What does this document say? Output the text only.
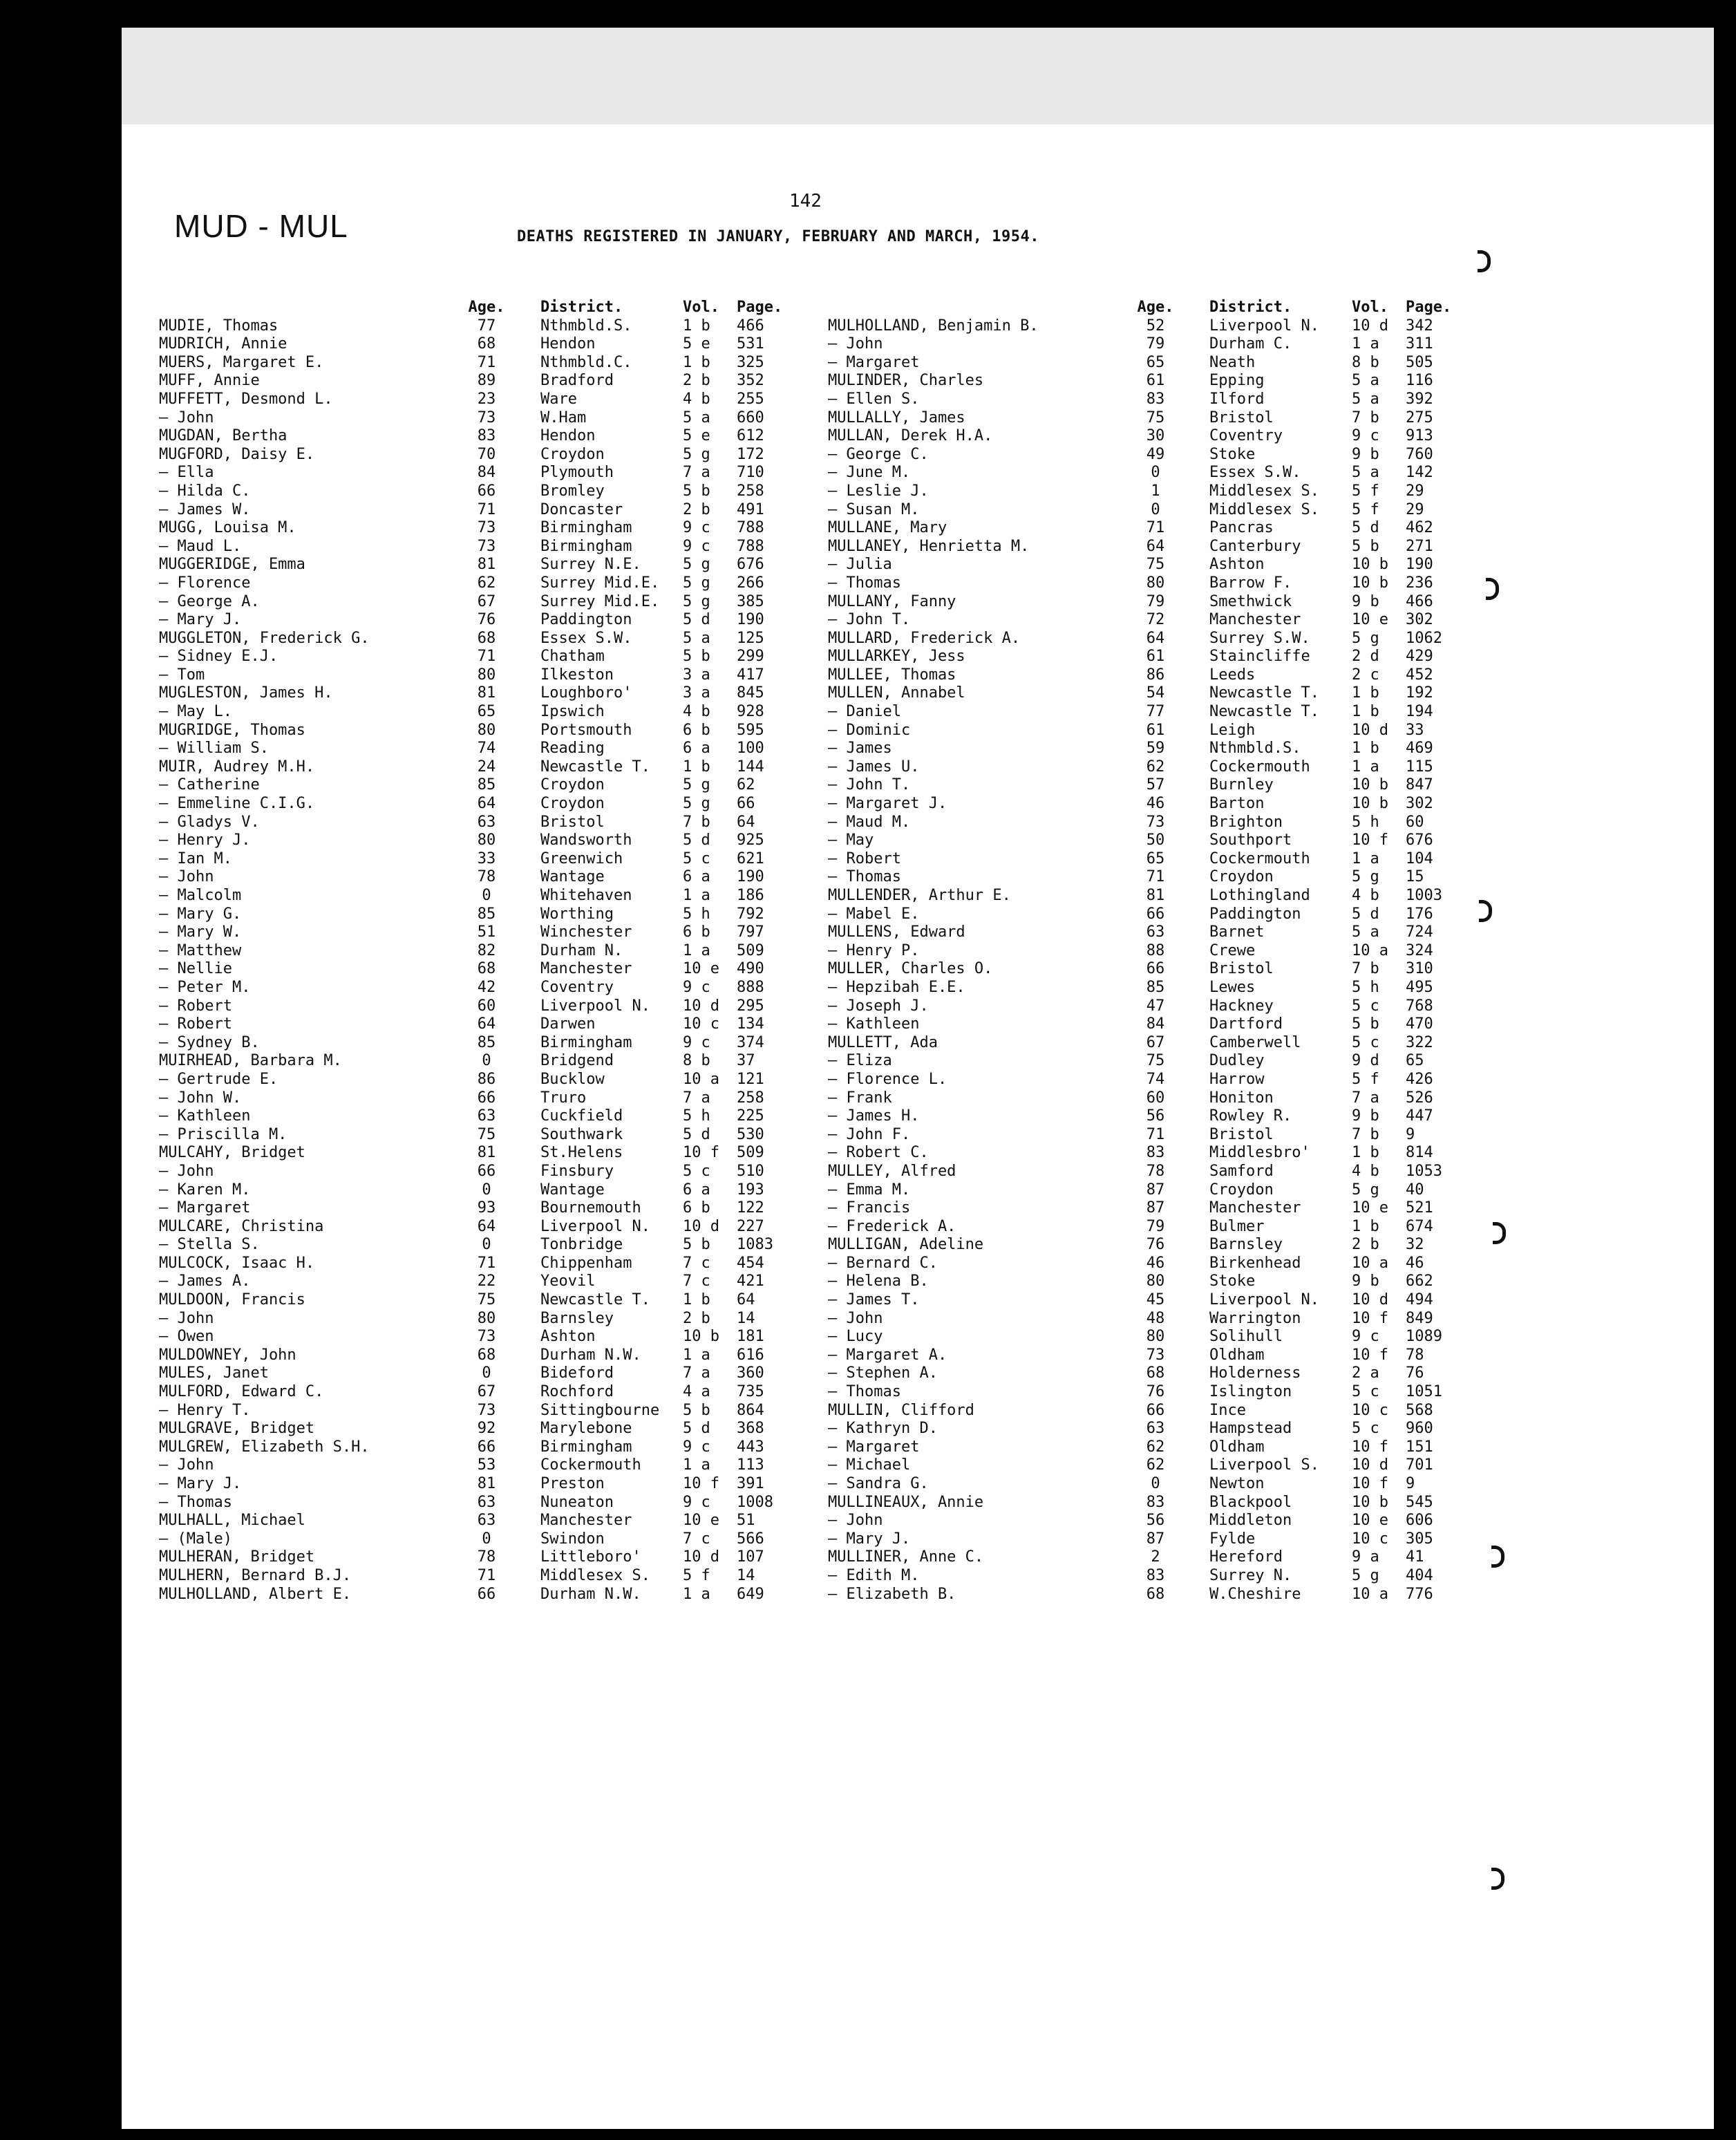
142
MUD - MUL	DEATHS REGISTERED IN JANUARY, FEBRUARY AND MARCH, 1954.
Age.	District.	Vol. Page.
MUDIE, Thomas	77	Nthmbld.S.	1 b 466
MUDRICH, Annie	68	Hendon	5 e 531
MUERS, Margaret E.	71	Nthmbld.C.	1 b 325
MUFF, Annie	89	Bradford	2 b 352
MUFFETT, Desmond L.	23	Ware	4 b 255
— John	73	W.Ham	5 a 660
MUGDAN, Bertha	83	Hendon	5 e 612
MUGFORD, Daisy E.	70	Croydon	5 g 172
— Ella	84	Plymouth	7 a 710
— Hilda C.	66	Bromley	5 b 258
— James W.	71	Doncaster	2 b 491
MUGG, Louisa M.	73	Birmingham	9 c 788
— Maud L.	73	Birmingham	9 c 788
MUGGERIDGE, Emma	81	Surrey N.E.	5 g 676
— Florence	62	Surrey Mid.E. 5 g 266
— George A.	67	Surrey Mid.E. 5 g 385
— Mary J.	76	Paddington	5 d 190
MUGGLETON, Frederick G.	68	Essex S.W.	5 a 125
— Sidney E.J.	71	Chatham	5 b 299
— Tom	80	Ilkeston	3 a 417
MUGLESTON, James H.	81	Loughboro'	3 a 845
— May L.	65	Ipswich	4 b 928
MUGRIDGE, Thomas	80	Portsmouth	6 b 595
— William S.	74	Reading	6 a 100
MUIR, Audrey M.H.	24	Newcastle T. 1 b 144
— Catherine	85	Croydon	5 g 62
— Emmeline C.I.G.	64	Croydon	5 g 66
— Gladys V.	63	Bristol	7 b 64
— Henry J.	80	Wandsworth	5 d 925
— Ian M.	33	Greenwich	5 c 621
— John	78	Wantage	6 a 190
— Malcolm	0	Whitehaven	1 a 186
— Mary G.	85	Worthing	5 h 792
— Mary W.	51	Winchester	6 b 797
— Matthew	82	Durham N.	1 a 509
— Nellie	68	Manchester	10 e 490
— Peter M.	42	Coventry	9 c 888
— Robert	60	Liverpool N. 10 d 295
— Robert	64	Darwen	10 c 134
— Sydney B.	85	Birmingham	9 c 374
MUIRHEAD, Barbara M.	0	Bridgend	8 b 37
— Gertrude E.	86	Bucklow	10 a 121
— John W.	66	Truro	7 a 258
— Kathleen	63	Cuckfield	5 h 225
— Priscilla M.	75	Southwark	5 d 530
MULCAHY, Bridget	81	St.Helens	10 f 509
— John	66	Finsbury	5 c 510
— Karen M.	0	Wantage	6 a 193
— Margaret	93	Bournemouth	6 b 122
MULCARE, Christina	64	Liverpool N. 10 d 227
— Stella S.	0	Tonbridge	5 b 1083
MULCOCK, Isaac H.	71	Chippenham	7 c 454
— James A.	22	Yeovil	7 c 421
MULDOON, Francis	75	Newcastle T. 1 b 64
— John	80	Barnsley	2 b 14
— Owen	73	Ashton	10 b 181
MULDOWNEY, John	68	Durham N.W.	1 a 616
MULES, Janet	0	Bideford	7 a 360
MULFORD, Edward C.	67	Rochford	4 a 735
— Henry T.	73	Sittingbourne 5 b 864
MULGRAVE, Bridget	92	Marylebone	5 d 368
MULGREW, Elizabeth S.H.	66	Birmingham	9 c 443
— John	53	Cockermouth	1 a 113
— Mary J.	81	Preston	10 f 391
— Thomas	63	Nuneaton	9 c 1008
MULHALL, Michael	63	Manchester	10 e 51
— (Male)	0	Swindon	7 c 566
MULHERAN, Bridget	78	Littleboro'	10 d 107
MULHERN, Bernard B.J.	71	Middlesex S. 5 f 14
MULHOLLAND, Albert E.	66	Durham N.W.	1 a 649
Age.	District.	Vol. Page.
MULHOLLAND, Benjamin B.	52	Liverpool N. 10 d 342
— John	79	Durham C.	1 a 311
— Margaret	65	Neath	8 b 505
MULINDER, Charles	61	Epping	5 a 116
— Ellen S.	83	Ilford	5 a 392
MULLALLY, James	75	Bristol	7 b 275
MULLAN, Derek H.A.	30	Coventry	9 c 913
— George C.	49	Stoke	9 b 760
— June M.	0	Essex S.W.	5 a 142
— Leslie J.	1	Middlesex S. 5 f 29
— Susan M.	0	Middlesex S. 5 f 29
MULLANE, Mary	71	Pancras	5 d 462
MULLANEY, Henrietta M.	64	Canterbury	5 b 271
— Julia	75	Ashton	10 b 190
— Thomas	80	Barrow F.	10 b 236
MULLANY, Fanny	79	Smethwick	9 b 466
— John T.	72	Manchester	10 e 302
MULLARD, Frederick A.	64	Surrey S.W.	5 g 1062
MULLARKEY, Jess	61	Staincliffe	2 d 429
MULLEE, Thomas	86	Leeds	2 c 452
MULLEN, Annabel	54	Newcastle T. 1 b 192
— Daniel	77	Newcastle T. 1 b 194
— Dominic	61	Leigh	10 d 33
— James	59	Nthmbld.S.	1 b 469
— James U.	62	Cockermouth	1 a 115
— John T.	57	Burnley	10 b 847
— Margaret J.	46	Barton	10 b 302
— Maud M.	73	Brighton	5 h 60
— May	50	Southport	10 f 676
— Robert	65	Cockermouth	1 a 104
— Thomas	71	Croydon	5 g 15
MULLENDER, Arthur E.	81	Lothingland	4 b 1003
— Mabel E.	66	Paddington	5 d 176
MULLENS, Edward	63	Barnet	5 a 724
— Henry P.	88	Crewe	10 a 324
MULLER, Charles O.	66	Bristol	7 b 310
— Hepzibah E.E.	85	Lewes	5 h 495
— Joseph J.	47	Hackney	5 c 768
— Kathleen	84	Dartford	5 b 470
MULLETT, Ada	67	Camberwell	5 c 322
— Eliza	75	Dudley	9 d 65
— Florence L.	74	Harrow	5 f 426
— Frank	60	Honiton	7 a 526
— James H.	56	Rowley R.	9 b 447
— John F.	71	Bristol	7 b 9
— Robert C.	83	Middlesbro'	1 b 814
MULLEY, Alfred	78	Samford	4 b 1053
— Emma M.	87	Croydon	5 g 40
— Francis	87	Manchester	10 e 521
— Frederick A.	79	Bulmer	1 b 674
MULLIGAN, Adeline	76	Barnsley	2 b 32
— Bernard C.	46	Birkenhead	10 a 46
— Helena B.	80	Stoke	9 b 662
— James T.	45	Liverpool N. 10 d 494
— John	48	Warrington	10 f 849
— Lucy	80	Solihull	9 c 1089
— Margaret A.	73	Oldham	10 f 78
— Stephen A.	68	Holderness	2 a 76
— Thomas	76	Islington	5 c 1051
MULLIN, Clifford	66	Ince	10 c 568
— Kathryn D.	63	Hampstead	5 c 960
— Margaret	62	Oldham	10 f 151
— Michael	62	Liverpool S. 10 d 701
— Sandra G.	0	Newton	10 f 9
MULLINEAUX, Annie	83	Blackpool	10 b 545
— John	56	Middleton	10 e 606
— Mary J.	87	Fylde	10 c 305
MULLINER, Anne C.	2	Hereford	9 a 41
— Edith M.	83	Surrey N.	5 g 404
— Elizabeth B.	68	W.Cheshire	10 a 776
